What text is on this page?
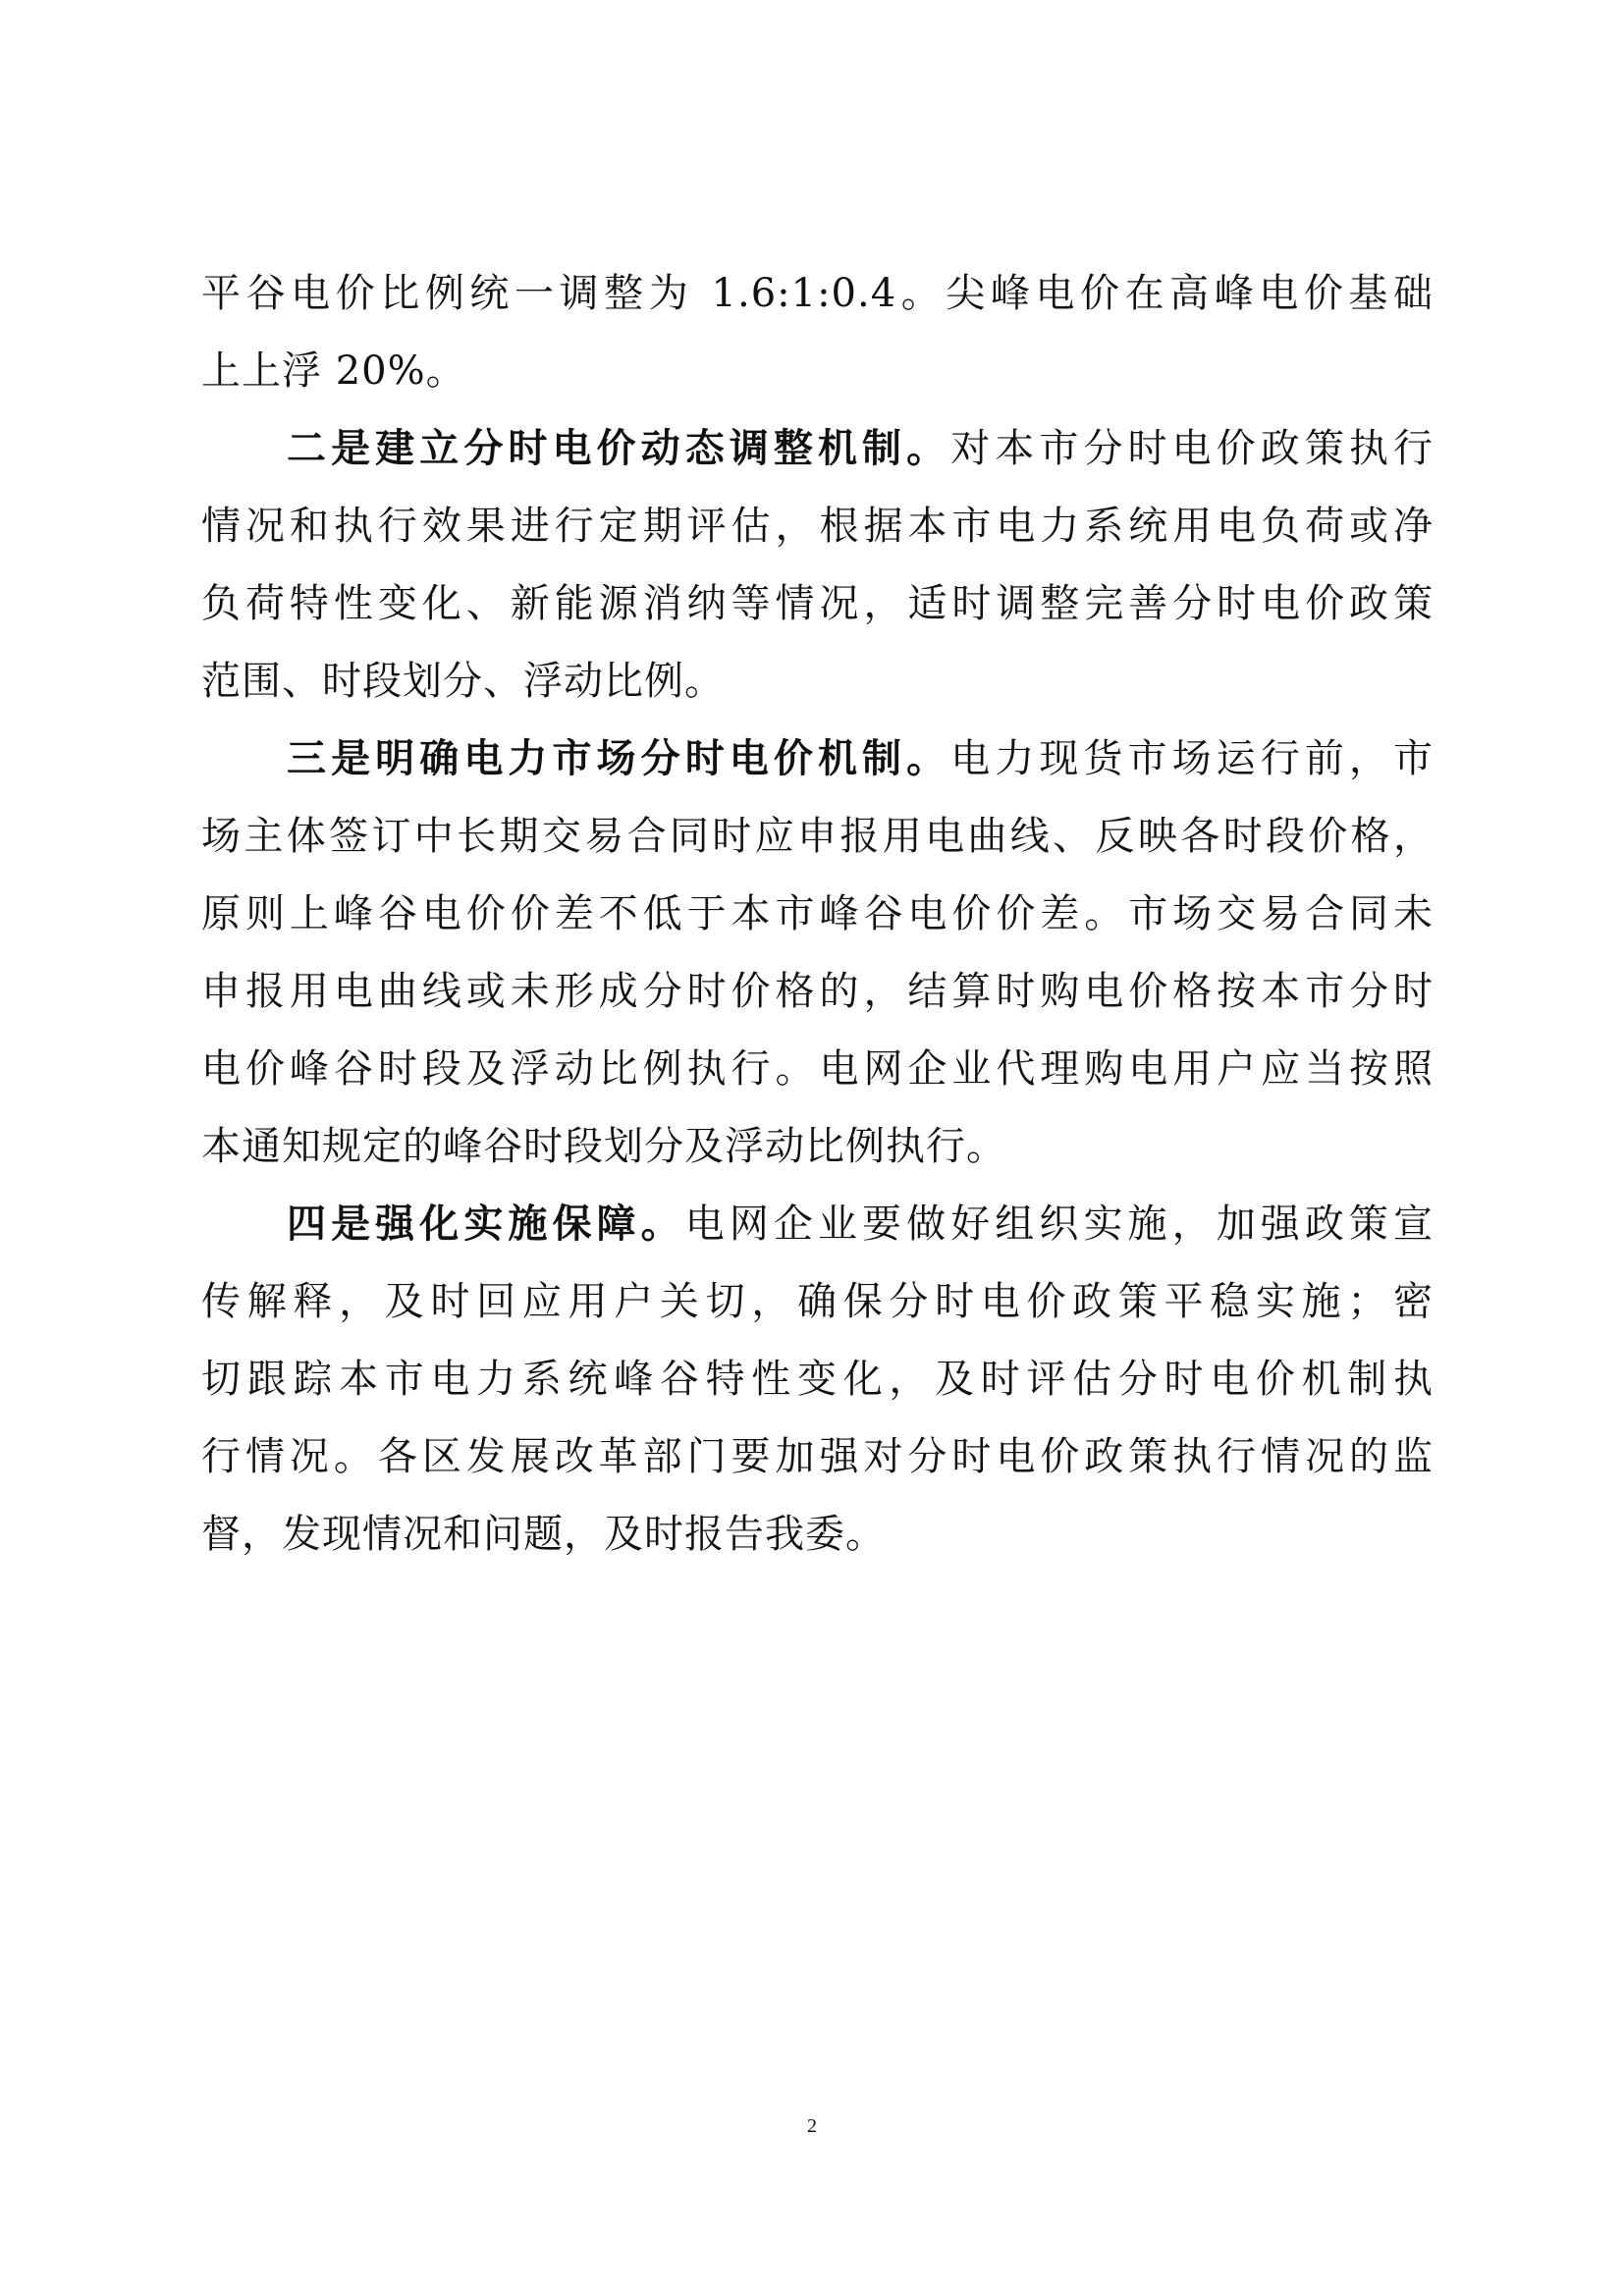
平谷电价比例统一调整为 1.6:1:0.4。尖峰电价在高峰电价基础
上上浮 20%。
二是建立分时电价动态调整机制。对本市分时电价政策执行
情况和执行效果进行定期评估，根据本市电力系统用电负荷或净
负荷特性变化、新能源消纳等情况，适时调整完善分时电价政策
范围、时段划分、浮动比例。
三是明确电力市场分时电价机制。电力现货市场运行前，市
场主体签订中长期交易合同时应申报用电曲线、反映各时段价格，
原则上峰谷电价价差不低于本市峰谷电价价差。市场交易合同未
申报用电曲线或未形成分时价格的，结算时购电价格按本市分时
电价峰谷时段及浮动比例执行。电网企业代理购电用户应当按照
本通知规定的峰谷时段划分及浮动比例执行。
四是强化实施保障。电网企业要做好组织实施，加强政策宣
传解释，及时回应用户关切，确保分时电价政策平稳实施；密
切跟踪本市电力系统峰谷特性变化，及时评估分时电价机制执
行情况。各区发展改革部门要加强对分时电价政策执行情况的监
督，发现情况和问题，及时报告我委。
2
